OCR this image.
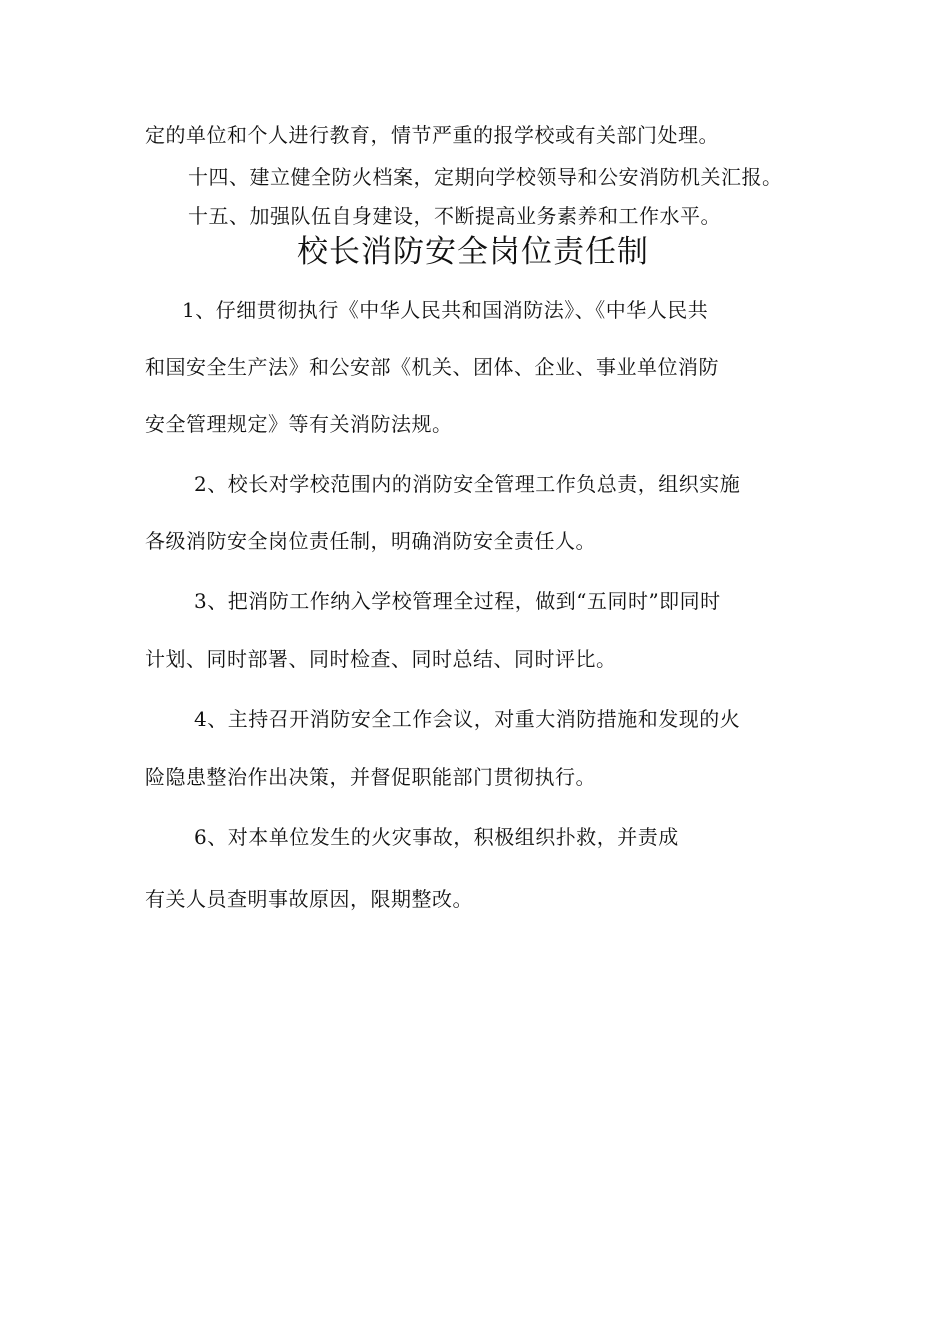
定的单位和个人进行教育，情节严重的报学校或有关部门处理。
十四、建立健全防火档案，定期向学校领导和公安消防机关汇报。
十五、加强队伍自身建设，不断提高业务素养和工作水平。
校长消防安全岗位责任制
1、仔细贯彻执行《中华人民共和国消防法》、《中华人民共
和国安全生产法》和公安部《机关、团体、企业、事业单位消防
安全管理规定》等有关消防法规。
2、校长对学校范围内的消防安全管理工作负总责，组织实施
各级消防安全岗位责任制，明确消防安全责任人。
3、把消防工作纳入学校管理全过程，做到“五同时”即同时
计划、同时部署、同时检查、同时总结、同时评比。
4、主持召开消防安全工作会议，对重大消防措施和发现的火
险隐患整治作出决策，并督促职能部门贯彻执行。
6、对本单位发生的火灾事故，积极组织扑救，并责成
有关人员查明事故原因，限期整改。
